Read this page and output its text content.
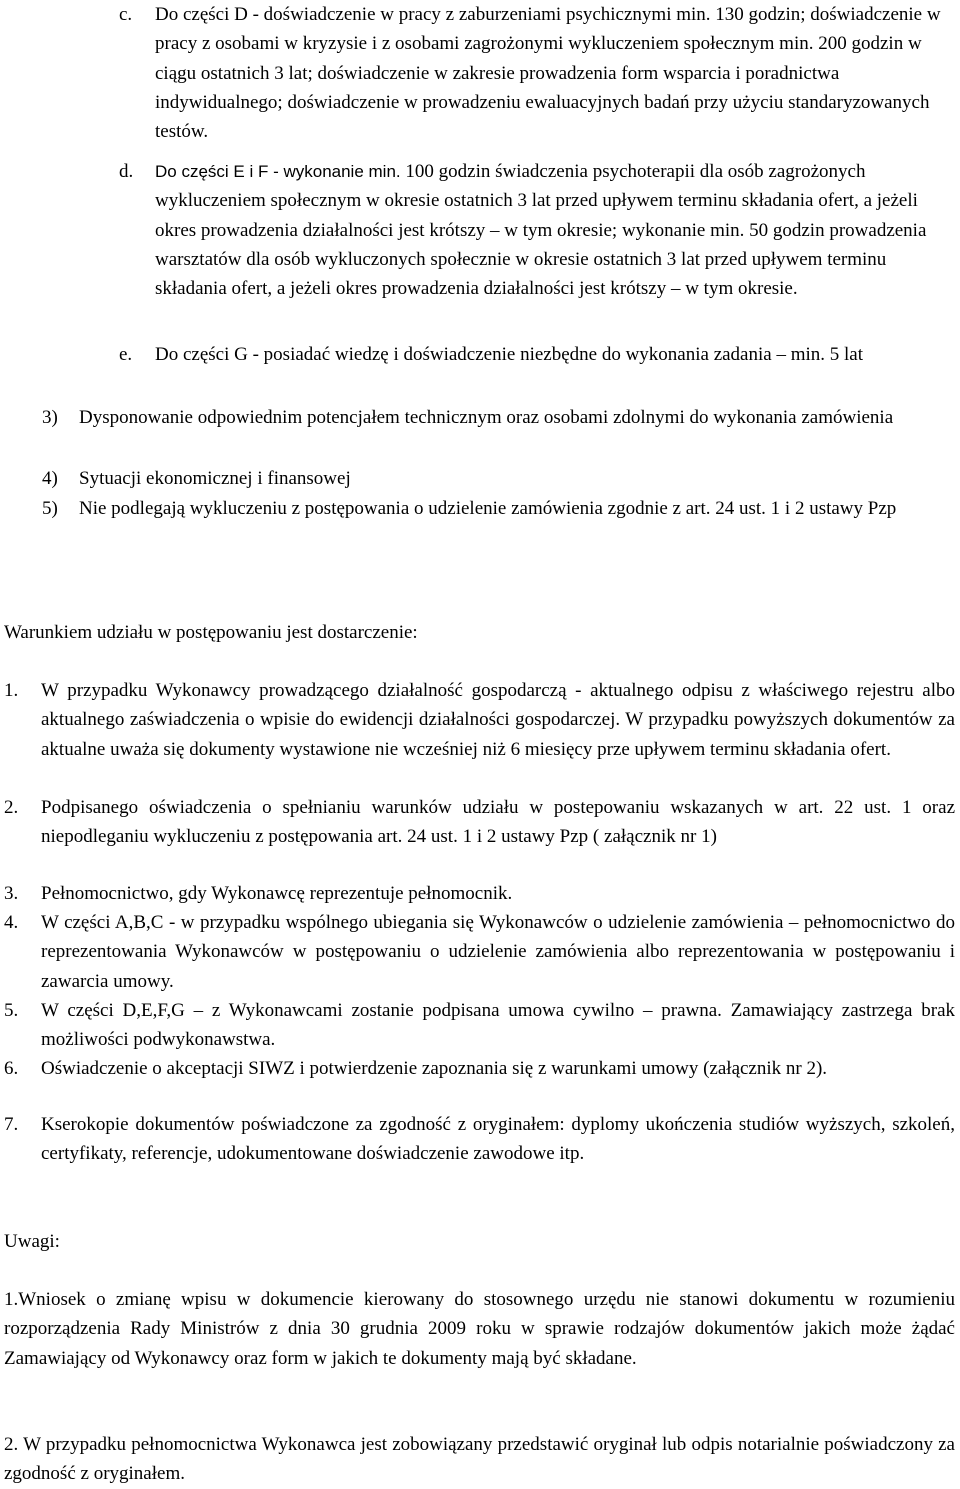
c.	Do części D - doświadczenie w pracy z zaburzeniami psychicznymi min. 130 godzin; doświadczenie w pracy z osobami w kryzysie i z osobami zagrożonymi wykluczeniem społecznym min. 200 godzin w ciągu ostatnich 3 lat; doświadczenie w zakresie prowadzenia form wsparcia i poradnictwa indywidualnego; doświadczenie w prowadzeniu ewaluacyjnych badań przy użyciu standaryzowanych testów.
d.	Do części E i F - wykonanie min. 100 godzin świadczenia psychoterapii dla osób zagrożonych wykluczeniem społecznym w okresie ostatnich 3 lat przed upływem terminu składania ofert, a jeżeli okres prowadzenia działalności jest krótszy – w tym okresie; wykonanie min. 50 godzin prowadzenia warsztatów dla osób wykluczonych społecznie w okresie ostatnich 3 lat przed upływem terminu składania ofert, a jeżeli okres prowadzenia działalności jest krótszy – w tym okresie.
e.	Do części G - posiadać wiedzę i doświadczenie niezbędne do wykonania zadania – min. 5 lat
3)	Dysponowanie odpowiednim potencjałem technicznym oraz osobami zdolnymi do wykonania zamówienia
4)	Sytuacji ekonomicznej i finansowej
5)	Nie podlegają wykluczeniu z postępowania o udzielenie zamówienia zgodnie z art. 24 ust. 1 i 2 ustawy Pzp
Warunkiem udziału w postępowaniu jest dostarczenie:
1.	W przypadku Wykonawcy prowadzącego działalność gospodarczą - aktualnego odpisu z właściwego rejestru albo aktualnego zaświadczenia o wpisie do ewidencji działalności gospodarczej. W przypadku powyższych dokumentów za aktualne uważa się dokumenty wystawione nie wcześniej niż 6 miesięcy prze upływem terminu składania ofert.
2.	Podpisanego oświadczenia o spełnianiu warunków udziału w postepowaniu wskazanych w art. 22 ust. 1 oraz niepodleganiu wykluczeniu z postępowania art. 24 ust. 1 i 2 ustawy Pzp ( załącznik nr 1)
3.	Pełnomocnictwo, gdy Wykonawcę reprezentuje pełnomocnik.
4.	W części A,B,C - w przypadku wspólnego ubiegania się Wykonawców o udzielenie zamówienia – pełnomocnictwo do reprezentowania Wykonawców w postępowaniu o udzielenie zamówienia albo reprezentowania w postępowaniu i zawarcia umowy.
5.	W części D,E,F,G – z Wykonawcami zostanie podpisana umowa cywilno – prawna. Zamawiający zastrzega brak możliwości podwykonawstwa.
6.	Oświadczenie o akceptacji SIWZ i potwierdzenie zapoznania się z warunkami umowy (załącznik nr 2).
7.	Kserokopie dokumentów poświadczone za zgodność z oryginałem: dyplomy ukończenia studiów wyższych, szkoleń, certyfikaty, referencje, udokumentowane doświadczenie zawodowe itp.
Uwagi:
1.Wniosek o zmianę wpisu w dokumencie kierowany do stosownego urzędu nie stanowi dokumentu w rozumieniu rozporządzenia Rady Ministrów z dnia 30 grudnia 2009 roku w sprawie rodzajów dokumentów jakich może żądać Zamawiający od Wykonawcy oraz form w jakich te dokumenty mają być składane.
2. W przypadku pełnomocnictwa Wykonawca jest zobowiązany przedstawić oryginał lub odpis notarialnie poświadczony za zgodność z oryginałem.
